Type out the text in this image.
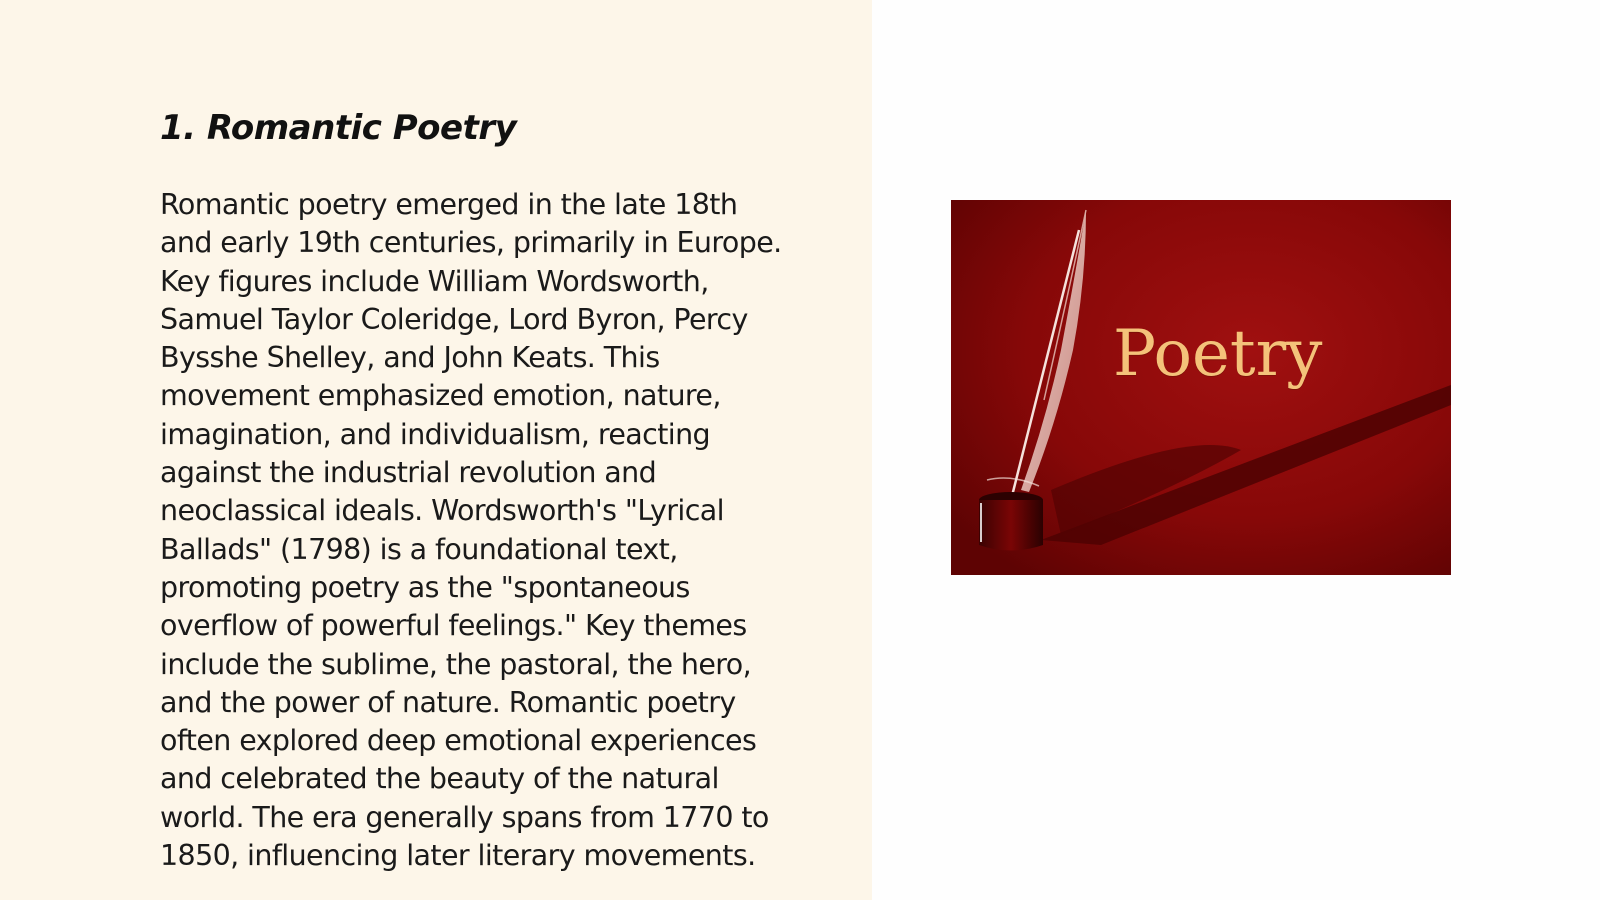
1. Romantic Poetry

Romantic poetry emerged in the late 18th
and early 19th centuries, primarily in Europe.
Key figures include William Wordsworth,
Samuel Taylor Coleridge, Lord Byron, Percy
Bysshe Shelley, and John Keats. This
movement emphasized emotion, nature,
imagination, and individualism, reacting
against the industrial revolution and
neoclassical ideals. Wordsworth's "Lyrical
Ballads" (1798) is a foundational text,
promoting poetry as the "spontaneous
overflow of powerful feelings." Key themes
include the sublime, the pastoral, the hero,
and the power of nature. Romantic poetry
often explored deep emotional experiences
and celebrated the beauty of the natural
world. The era generally spans from 1770 to
1850, influencing later literary movements.

Poetry
